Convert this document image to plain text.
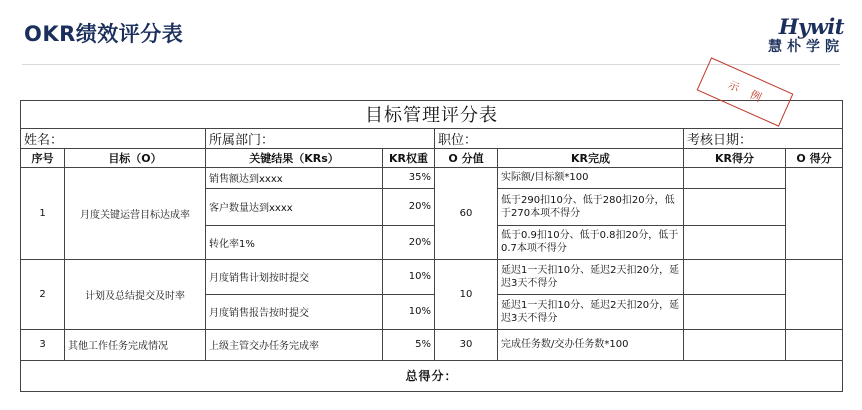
OKR绩效评分表	Hywit
慧朴学院
目标管理评分表							
姓名：		所属部门：		职位：		考核日期：	
序号	目标（O）	关键结果（KRs）	KR权重	O 分值	KR完成	KR得分	O 得分
1	月度关键运营目标达成率	销售额达到xxxx	35%	60	实际额/目标额*100		
		客户数量达到xxxx	20%		低于290扣10分、低于280扣20分，低于270本项不得分		
		转化率1%	20%		低于0.9扣10分、低于0.8扣20分，低于0.7本项不得分		
2	计划及总结提交及时率	月度销售计划按时提交	10%	10	延迟1一天扣10分、延迟2天扣20分，延迟3天不得分		
		月度销售报告按时提交	10%		延迟1一天扣10分、延迟2天扣20分，延迟3天不得分		
3	其他工作任务完成情况	上级主管交办任务完成率	5%	30	完成任务数/交办任务数*100		
总得分：							
示
例
